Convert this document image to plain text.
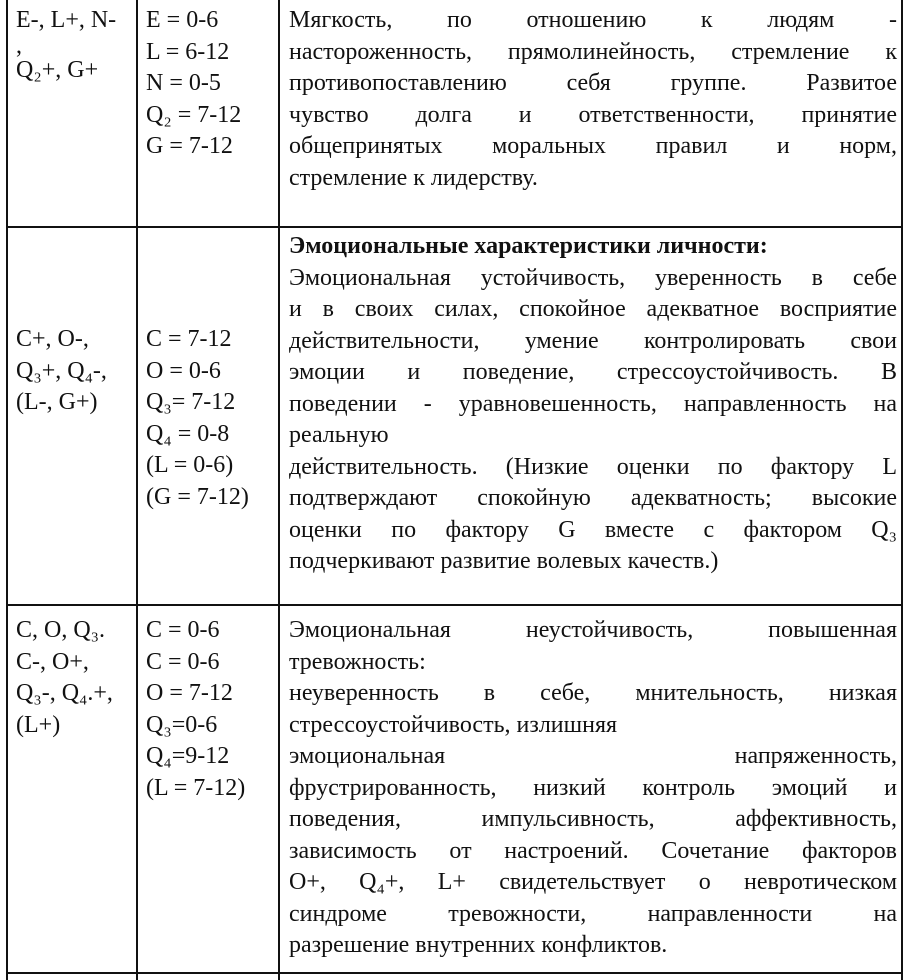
E-, L+, N-
,
Q₂+, G+
E = 0-6
L = 6-12
N = 0-5
Q₂ = 7-12
G = 7-12
Мягкость, по отношению к людям -
настороженность, прямолинейность, стремление к
противопоставлению себя группе. Развитое
чувство долга и ответственности, принятие
общепринятых моральных правил и норм,
стремление к лидерству.
C+, O-,
Q₃+, Q₄-,
(L-, G+)
C = 7-12
O = 0-6
Q₃= 7-12
Q₄ = 0-8
(L = 0-6)
(G = 7-12)
Эмоциональные характеристики личности:
Эмоциональная устойчивость, уверенность в себе
и в своих силах, спокойное адекватное восприятие
действительности, умение контролировать свои
эмоции и поведение, стрессоустойчивость. В
поведении - уравновешенность, направленность на
реальную
действительность. (Низкие оценки по фактору L
подтверждают спокойную адекватность; высокие
оценки по фактору G вместе с фактором Q₃
подчеркивают развитие волевых качеств.)
C, O, Q₃.
C-, O+,
Q₃-, Q₄.+,
(L+)
C = 0-6
C = 0-6
O = 7-12
Q₃=0-6
Q₄=9-12
(L = 7-12)
Эмоциональная неустойчивость, повышенная
тревожность:
неуверенность в себе, мнительность, низкая
стрессоустойчивость, излишняя
эмоциональная напряженность,
фрустрированность, низкий контроль эмоций и
поведения, импульсивность, аффективность,
зависимость от настроений. Сочетание факторов
O+, Q₄+, L+ свидетельствует о невротическом
синдроме тревожности, направленности на
разрешение внутренних конфликтов.
